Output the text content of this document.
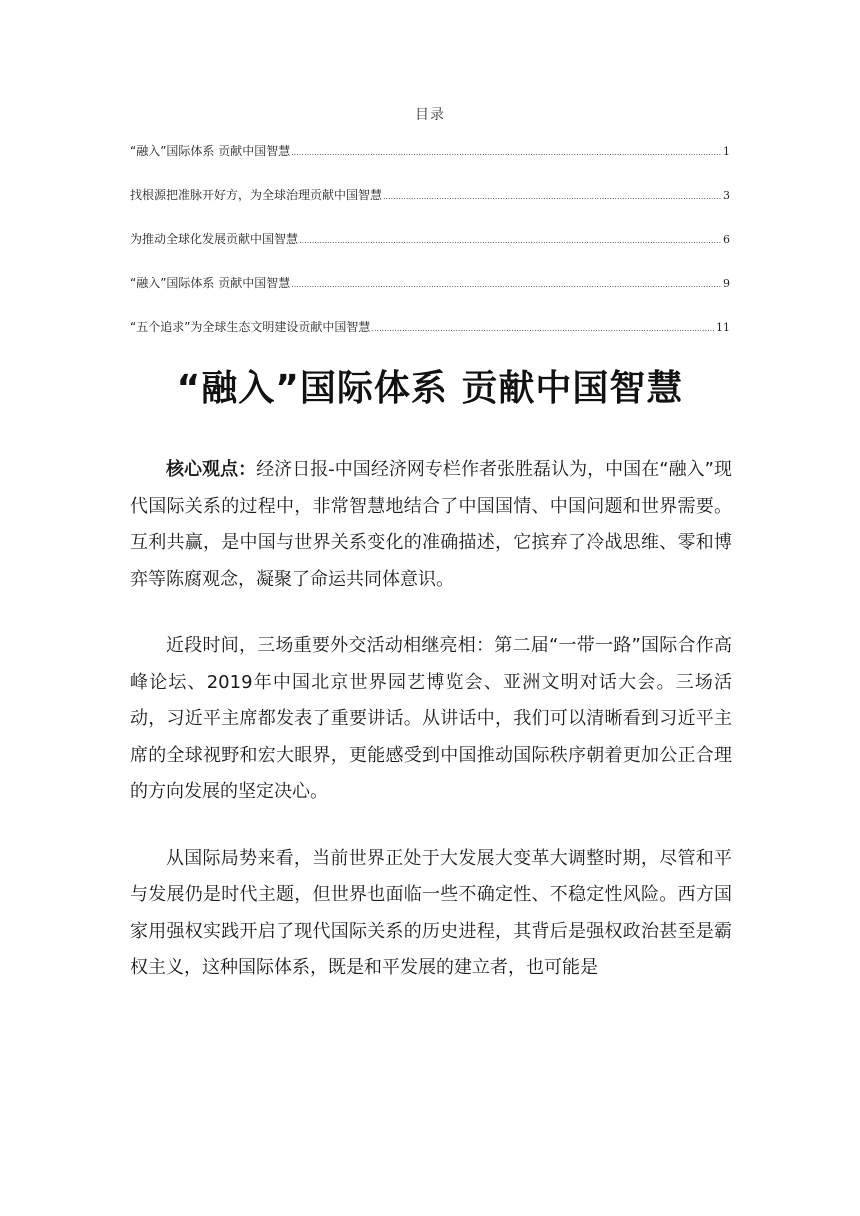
目录
“融入”国际体系 贡献中国智慧 .....	1
找根源把准脉开好方，为全球治理贡献中国智慧 .....	3
为推动全球化发展贡献中国智慧 .....	6
“融入”国际体系 贡献中国智慧 .....	9
“五个追求”为全球生态文明建设贡献中国智慧 .....	11
“融入”国际体系 贡献中国智慧

核心观点：经济日报-中国经济网专栏作者张胜磊认为，中国在“融入”现代国际关系的过程中，非常智慧地结合了中国国情、中国问题和世界需要。互利共赢，是中国与世界关系变化的准确描述，它摈弃了冷战思维、零和博弈等陈腐观念，凝聚了命运共同体意识。

近段时间，三场重要外交活动相继亮相：第二届“一带一路”国际合作高峰论坛、2019年中国北京世界园艺博览会、亚洲文明对话大会。三场活动，习近平主席都发表了重要讲话。从讲话中，我们可以清晰看到习近平主席的全球视野和宏大眼界，更能感受到中国推动国际秩序朝着更加公正合理的方向发展的坚定决心。

从国际局势来看，当前世界正处于大发展大变革大调整时期，尽管和平与发展仍是时代主题，但世界也面临一些不确定性、不稳定性风险。西方国家用强权实践开启了现代国际关系的历史进程，其背后是强权政治甚至是霸权主义，这种国际体系，既是和平发展的建立者，也可能是
